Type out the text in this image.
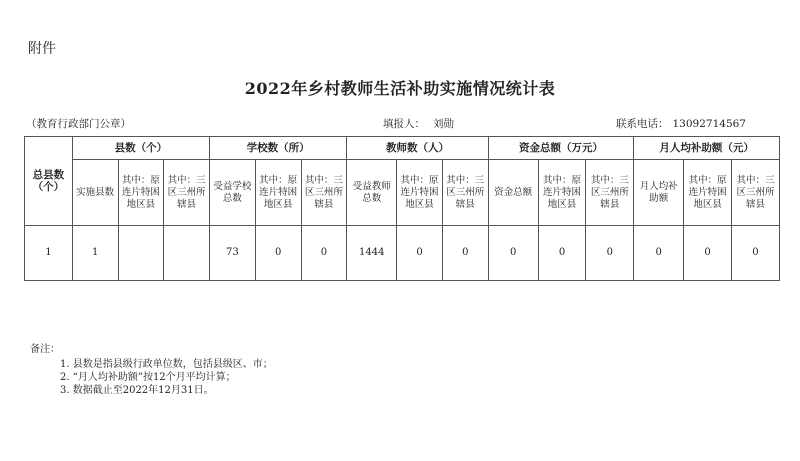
附件
2022年乡村教师生活补助实施情况统计表
（教育行政部门公章）	填报人： 刘勋	联系电话： 13092714567
总县数（个）	县数（个）			学校数（所）			教师数（人）			资金总额（万元）			月人均补助额（元）		
	实施县数	其中：原连片特困地区县	其中：三区三州所辖县	受益学校总数	其中：原连片特困地区县	其中：三区三州所辖县	受益教师总数	其中：原连片特困地区县	其中：三区三州所辖县	资金总额	其中：原连片特困地区县	其中：三区三州所辖县	月人均补助额	其中：原连片特困地区县	其中：三区三州所辖县
1	1			73	0	0	1444	0	0	0	0	0	0	0	0
备注：
1. 县数是指县级行政单位数，包括县级区、市；
2. “月人均补助额”按12个月平均计算；
3. 数据截止至2022年12月31日。
